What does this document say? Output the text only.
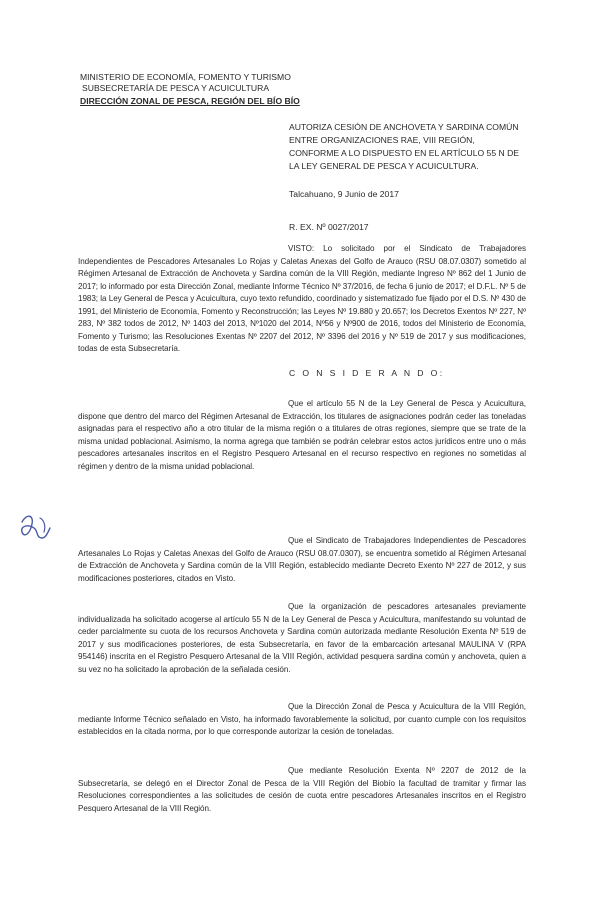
MINISTERIO DE ECONOMÍA, FOMENTO Y TURISMO
SUBSECRETARÍA DE PESCA Y ACUICULTURA
DIRECCIÓN ZONAL DE PESCA, REGIÓN DEL BÍO BÍO
AUTORIZA CESIÓN DE ANCHOVETA Y SARDINA COMÚN ENTRE ORGANIZACIONES RAE, VIII REGIÓN, CONFORME A LO DISPUESTO EN EL ARTÍCULO 55 N DE LA LEY GENERAL DE PESCA Y ACUICULTURA.
Talcahuano, 9 Junio de 2017
R. EX. Nº 0027/2017
VISTO: Lo solicitado por el Sindicato de Trabajadores Independientes de Pescadores Artesanales Lo Rojas y Caletas Anexas del Golfo de Arauco (RSU 08.07.0307) sometido al Régimen Artesanal de Extracción de Anchoveta y Sardina común de la VIII Región, mediante Ingreso Nº 862 del 1 Junio de 2017; lo informado por esta Dirección Zonal, mediante Informe Técnico Nº 37/2016, de fecha 6 junio de 2017; el D.F.L. Nº 5 de 1983; la Ley General de Pesca y Acuicultura, cuyo texto refundido, coordinado y sistematizado fue fijado por el D.S. Nº 430 de 1991, del Ministerio de Economía, Fomento y Reconstrucción; las Leyes Nº 19.880 y 20.657; los Decretos Exentos Nº 227, Nº 283, Nº 382 todos de 2012, Nº 1403 del 2013, Nº1020 del 2014, Nº56 y Nº900 de 2016, todos del Ministerio de Economía, Fomento y Turismo; las Resoluciones Exentas Nº 2207 del 2012, Nº 3396 del 2016 y Nº 519 de 2017 y sus modificaciones, todas de esta Subsecretaría.
C O N S I D E R A N D O:
Que el artículo 55 N de la Ley General de Pesca y Acuicultura, dispone que dentro del marco del Régimen Artesanal de Extracción, los titulares de asignaciones podrán ceder las toneladas asignadas para el respectivo año a otro titular de la misma región o a titulares de otras regiones, siempre que se trate de la misma unidad poblacional. Asimismo, la norma agrega que también se podrán celebrar estos actos jurídicos entre uno o más pescadores artesanales inscritos en el Registro Pesquero Artesanal en el recurso respectivo en regiones no sometidas al régimen y dentro de la misma unidad poblacional.
Que el Sindicato de Trabajadores Independientes de Pescadores Artesanales Lo Rojas y Caletas Anexas del Golfo de Arauco (RSU 08.07.0307), se encuentra sometido al Régimen Artesanal de Extracción de Anchoveta y Sardina común de la VIII Región, establecido mediante Decreto Exento Nº 227 de 2012, y sus modificaciones posteriores, citados en Visto.
Que la organización de pescadores artesanales previamente individualizada ha solicitado acogerse al artículo 55 N de la Ley General de Pesca y Acuicultura, manifestando su voluntad de ceder parcialmente su cuota de los recursos Anchoveta y Sardina común autorizada mediante Resolución Exenta Nº 519 de 2017 y sus modificaciones posteriores, de esta Subsecretaría, en favor de la embarcación artesanal MAULINA V (RPA 954146) inscrita en el Registro Pesquero Artesanal de la VIII Región, actividad pesquera sardina común y anchoveta, quien a su vez no ha solicitado la aprobación de la señalada cesión.
Que la Dirección Zonal de Pesca y Acuicultura de la VIII Región, mediante Informe Técnico señalado en Visto, ha informado favorablemente la solicitud, por cuanto cumple con los requisitos establecidos en la citada norma, por lo que corresponde autorizar la cesión de toneladas.
Que mediante Resolución Exenta Nº 2207 de 2012 de la Subsecretaría, se delegó en el Director Zonal de Pesca de la VIII Región del Biobío la facultad de tramitar y firmar las Resoluciones correspondientes a las solicitudes de cesión de cuota entre pescadores Artesanales inscritos en el Registro Pesquero Artesanal de la VIII Región.
